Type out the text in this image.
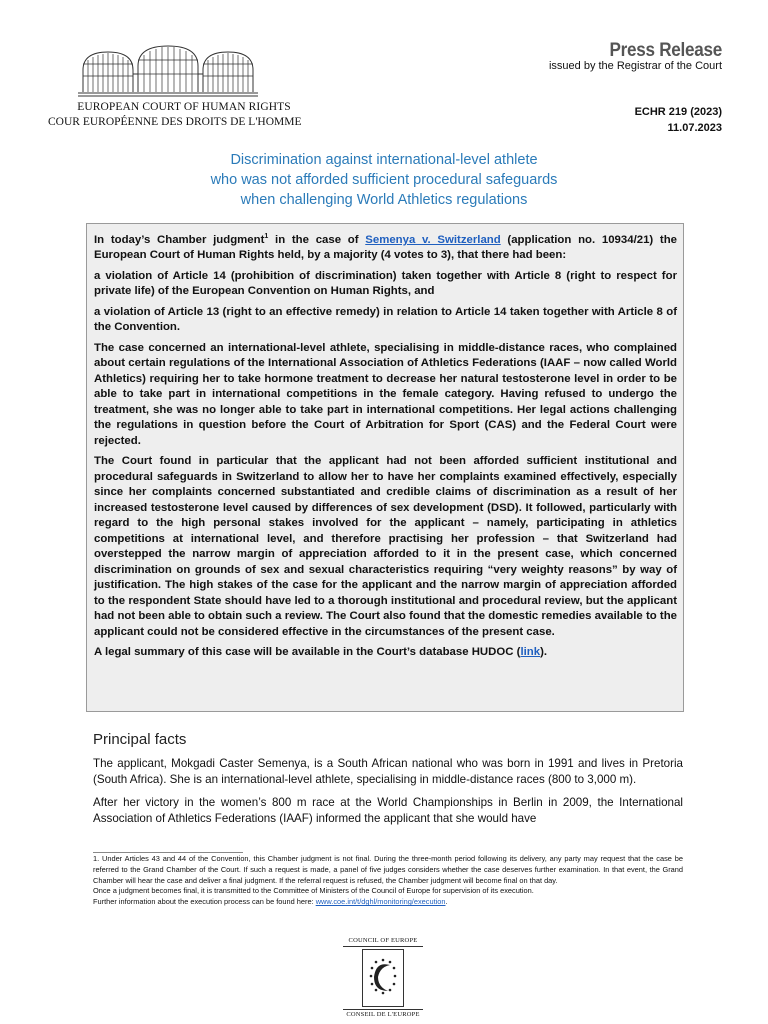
EUROPEAN COURT OF HUMAN RIGHTS
COUR EUROPÉENNE DES DROITS DE L'HOMME
Press Release
issued by the Registrar of the Court
ECHR 219 (2023)
11.07.2023
Discrimination against international-level athlete
who was not afforded sufficient procedural safeguards
when challenging World Athletics regulations

In today’s Chamber judgment$^1$ in the case of Semenya v. Switzerland (application no. 10934/21) the European Court of Human Rights held, by a majority (4 votes to 3), that there had been:

a violation of Article 14 (prohibition of discrimination) taken together with Article 8 (right to respect for private life) of the European Convention on Human Rights, and

a violation of Article 13 (right to an effective remedy) in relation to Article 14 taken together with Article 8 of the Convention.

The case concerned an international-level athlete, specialising in middle-distance races, who complained about certain regulations of the International Association of Athletics Federations (IAAF – now called World Athletics) requiring her to take hormone treatment to decrease her natural testosterone level in order to be able to take part in international competitions in the female category. Having refused to undergo the treatment, she was no longer able to take part in international competitions. Her legal actions challenging the regulations in question before the Court of Arbitration for Sport (CAS) and the Federal Court were rejected.

The Court found in particular that the applicant had not been afforded sufficient institutional and procedural safeguards in Switzerland to allow her to have her complaints examined effectively, especially since her complaints concerned substantiated and credible claims of discrimination as a result of her increased testosterone level caused by differences of sex development (DSD). It followed, particularly with regard to the high personal stakes involved for the applicant – namely, participating in athletics competitions at international level, and therefore practising her profession – that Switzerland had overstepped the narrow margin of appreciation afforded to it in the present case, which concerned discrimination on grounds of sex and sexual characteristics requiring “very weighty reasons” by way of justification. The high stakes of the case for the applicant and the narrow margin of appreciation afforded to the respondent State should have led to a thorough institutional and procedural review, but the applicant had not been able to obtain such a review. The Court also found that the domestic remedies available to the applicant could not be considered effective in the circumstances of the present case.

A legal summary of this case will be available in the Court’s database HUDOC (link).

Principal facts

The applicant, Mokgadi Caster Semenya, is a South African national who was born in 1991 and lives in Pretoria (South Africa). She is an international-level athlete, specialising in middle-distance races (800 to 3,000 m).

After her victory in the women’s 800 m race at the World Championships in Berlin in 2009, the International Association of Athletics Federations (IAAF) informed the applicant that she would have

1. Under Articles 43 and 44 of the Convention, this Chamber judgment is not final. During the three-month period following its delivery, any party may request that the case be referred to the Grand Chamber of the Court. If such a request is made, a panel of five judges considers whether the case deserves further examination. In that event, the Grand Chamber will hear the case and deliver a final judgment. If the referral request is refused, the Chamber judgment will become final on that day.
Once a judgment becomes final, it is transmitted to the Committee of Ministers of the Council of Europe for supervision of its execution.
Further information about the execution process can be found here: www.coe.int/t/dghl/monitoring/execution.
COUNCIL OF EUROPE
CONSEIL DE L'EUROPE
